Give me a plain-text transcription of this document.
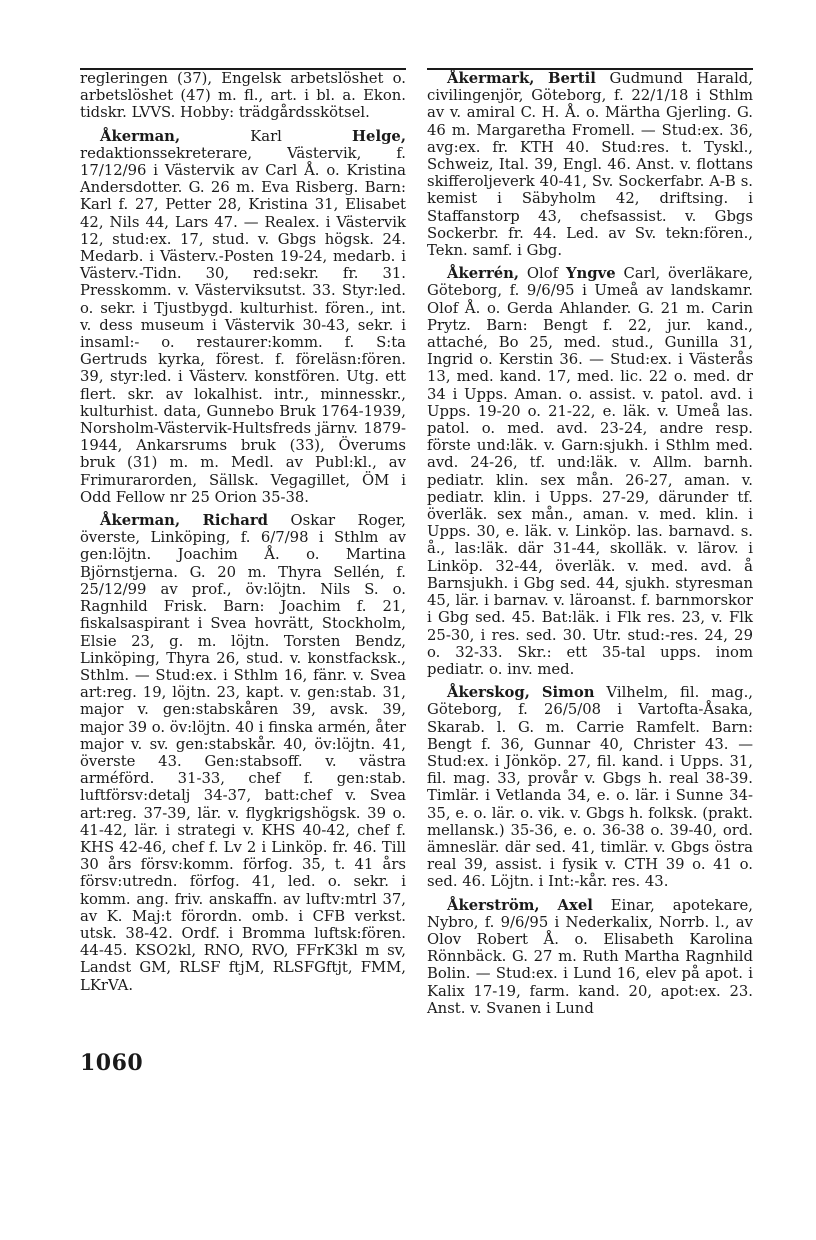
regleringen (37), Engelsk arbetslöshet o. arbetslöshet (47) m. fl., art. i bl. a. Ekon. tidskr. LVVS. Hobby: trädgårdsskötsel.

Åkerman,	Karl	Helge, redaktionssekreterare, Västervik, f. 17/12/96 i Västervik av Carl Å. o. Kristina Andersdotter. G. 26 m. Eva Risberg. Barn: Karl f. 27, Petter 28, Kristina 31, Elisabet 42, Nils 44, Lars 47. — Realex. i Västervik 12, stud:ex. 17, stud. v. Gbgs högsk. 24. Medarb. i Västerv.-Posten 19-24, medarb. i Västerv.-Tidn. 30, red:sekr. fr. 31. Presskomm. v. Västerviksutst. 33. Styr:led. o. sekr. i Tjustbygd. kulturhist. fören., int. v. dess museum i Västervik 30-43, sekr. i insaml:- o. restaurer:komm. f. S:ta Gertruds kyrka, förest. f. föreläsn:fören. 39, styr:led. i Västerv. konstfören. Utg. ett flert. skr. av lokalhist. intr., minnesskr., kulturhist. data, Gunnebo Bruk 1764-1939, Norsholm-Västervik-Hultsfreds järnv. 1879-1944, Ankarsrums bruk (33), Överums bruk (31) m. m. Medl. av Publ:kl., av Frimurarorden, Sällsk. Vegagillet, ÖM i Odd Fellow nr 25 Orion 35-38.

Åkerman, Richard Oskar Roger, överste, Linköping, f. 6/7/98 i Sthlm av gen:löjtn. Joachim Å. o. Martina Björnstjerna. G. 20 m. Thyra Sellén, f. 25/12/99 av prof., öv:löjtn. Nils S. o. Ragnhild Frisk. Barn: Joachim f. 21, fiskalsaspirant i Svea hovrätt, Stockholm, Elsie 23, g. m. löjtn. Torsten Bendz, Linköping, Thyra 26, stud. v. konstfacksk., Sthlm. — Stud:ex. i Sthlm 16, fänr. v. Svea art:reg. 19, löjtn. 23, kapt. v. gen:stab. 31, major v. gen:stabskåren 39, avsk. 39, major 39 o. öv:löjtn. 40 i finska armén, åter major v. sv. gen:stabskår. 40, öv:löjtn. 41, överste 43. Gen:stabsoff. v. västra arméförd. 31-33, chef f. gen:stab. luftförsv:detalj 34-37, batt:chef v. Svea art:reg. 37-39, lär. v. flygkrigshögsk. 39 o. 41-42, lär. i strategi v. KHS 40-42, chef f. KHS 42-46, chef f. Lv 2 i Linköp. fr. 46. Till 30 års försv:komm. förfog. 35, t. 41 års försv:utredn. förfog. 41, led. o. sekr. i komm. ang. friv. anskaffn. av luftv:mtrl 37, av K. Maj:t förordn. omb. i CFB verkst. utsk. 38-42. Ordf. i Bromma luftsk:fören. 44-45. KSO2kl, RNO, RVO, FFrK3kl m sv, Landst GM, RLSF ftjM, RLSFGftjt, FMM, LKrVA.

Åkermark, Bertil Gudmund Harald, civilingenjör, Göteborg, f. 22/1/18 i Sthlm av v. amiral C. H. Å. o. Märtha Gjerling. G. 46 m. Margaretha Fromell. — Stud:ex. 36, avg:ex. fr. KTH 40. Stud:res. t. Tyskl., Schweiz, Ital. 39, Engl. 46. Anst. v. flottans skifferoljeverk 40-41, Sv. Sockerfabr. A-B s. kemist i Säbyholm 42, driftsing. i Staffanstorp 43, chefsassist. v. Gbgs Sockerbr. fr. 44. Led. av Sv. tekn:fören., Tekn. samf. i Gbg.

Åkerrén, Olof Yngve Carl, överläkare, Göteborg, f. 9/6/95 i Umeå av landskamr. Olof Å. o. Gerda Ahlander. G. 21 m. Carin Prytz. Barn: Bengt f. 22, jur. kand., attaché, Bo 25, med. stud., Gunilla 31, Ingrid o. Kerstin 36. — Stud:ex. i Västerås 13, med. kand. 17, med. lic. 22 o. med. dr 34 i Upps. Aman. o. assist. v. patol. avd. i Upps. 19-20 o. 21-22, e. läk. v. Umeå las. patol. o. med. avd. 23-24, andre resp. förste und:läk. v. Garn:sjukh. i Sthlm med. avd. 24-26, tf. und:läk. v. Allm. barnh. pediatr. klin. sex mån. 26-27, aman. v. pediatr. klin. i Upps. 27-29, därunder tf. överläk. sex mån., aman. v. med. klin. i Upps. 30, e. läk. v. Linköp. las. barnavd. s. å., las:läk. där 31-44, skolläk. v. lärov. i Linköp. 32-44, överläk. v. med. avd. å Barnsjukh. i Gbg sed. 44, sjukh. styresman 45, lär. i barnav. v. läroanst. f. barnmorskor i Gbg sed. 45. Bat:läk. i Flk res. 23, v. Flk 25-30, i res. sed. 30. Utr. stud:-res. 24, 29 o. 32-33. Skr.: ett 35-tal upps. inom pediatr. o. inv. med.

Åkerskog, Simon Vilhelm, fil. mag., Göteborg, f. 26/5/08 i Vartofta-Åsaka, Skarab. l. G. m. Carrie Ramfelt. Barn: Bengt f. 36, Gunnar 40, Christer 43. — Stud:ex. i Jönköp. 27, fil. kand. i Upps. 31, fil. mag. 33, provår v. Gbgs h. real 38-39. Timlär. i Vetlanda 34, e. o. lär. i Sunne 34-35, e. o. lär. o. vik. v. Gbgs h. folksk. (prakt. mellansk.) 35-36, e. o. 36-38 o. 39-40, ord. ämneslär. där sed. 41, timlär. v. Gbgs östra real 39, assist. i fysik v. CTH 39 o. 41 o. sed. 46. Löjtn. i Int:-kår. res. 43.

Åkerström, Axel Einar, apotekare, Nybro, f. 9/6/95 i Nederkalix, Norrb. l., av Olov Robert Å. o. Elisabeth Karolina Rönnbäck. G. 27 m. Ruth Martha Ragnhild Bolin. — Stud:ex. i Lund 16, elev på apot. i Kalix 17-19, farm. kand. 20, apot:ex. 23. Anst. v. Svanen i Lund

1060
